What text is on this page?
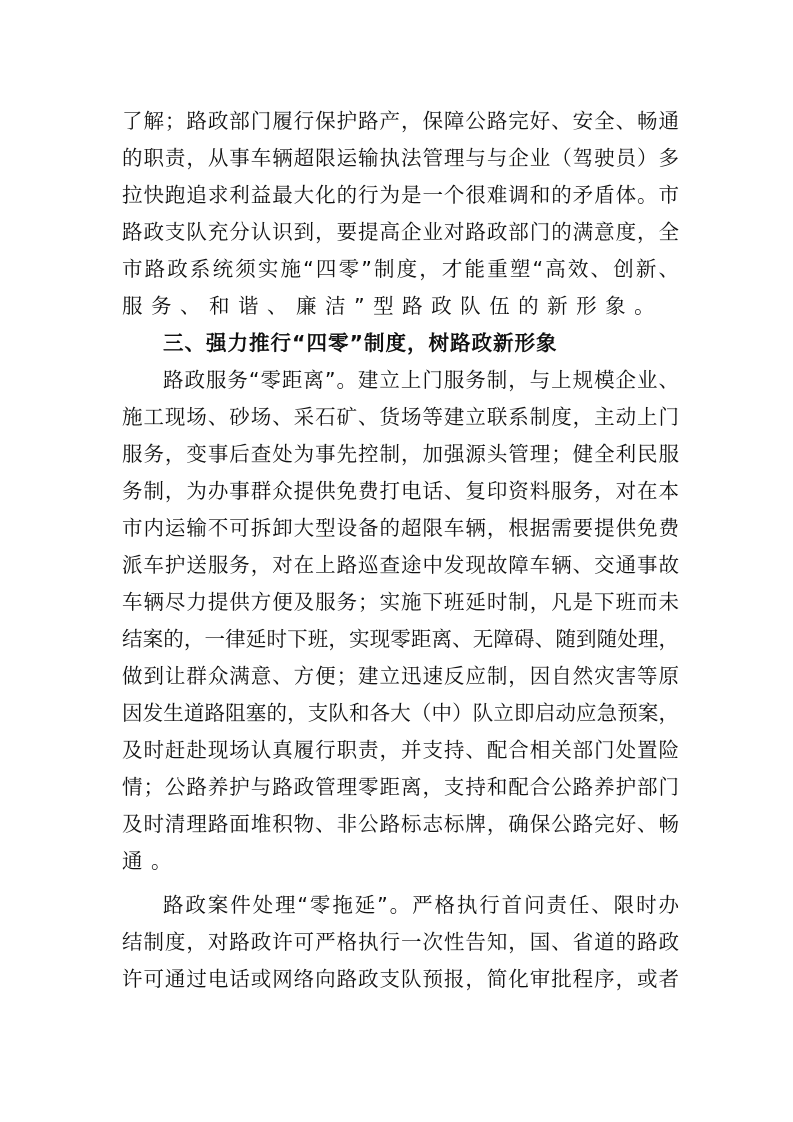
了解；路政部门履行保护路产，保障公路完好、安全、畅通
的职责，从事车辆超限运输执法管理与与企业（驾驶员）多
拉快跑追求利益最大化的行为是一个很难调和的矛盾体。市
路政支队充分认识到，要提高企业对路政部门的满意度，全
市路政系统须实施“四零”制度，才能重塑“高效、创新、
服务、和谐、廉洁”型路政队伍的新形象。
三、强力推行“四零”制度，树路政新形象
路政服务“零距离”。建立上门服务制，与上规模企业、
施工现场、砂场、采石矿、货场等建立联系制度，主动上门
服务，变事后查处为事先控制，加强源头管理；健全利民服
务制，为办事群众提供免费打电话、复印资料服务，对在本
市内运输不可拆卸大型设备的超限车辆，根据需要提供免费
派车护送服务，对在上路巡查途中发现故障车辆、交通事故
车辆尽力提供方便及服务；实施下班延时制，凡是下班而未
结案的，一律延时下班，实现零距离、无障碍、随到随处理，
做到让群众满意、方便；建立迅速反应制，因自然灾害等原
因发生道路阻塞的，支队和各大（中）队立即启动应急预案，
及时赶赴现场认真履行职责，并支持、配合相关部门处置险
情；公路养护与路政管理零距离，支持和配合公路养护部门
及时清理路面堆积物、非公路标志标牌，确保公路完好、畅
通。
路政案件处理“零拖延”。严格执行首问责任、限时办
结制度，对路政许可严格执行一次性告知，国、省道的路政
许可通过电话或网络向路政支队预报，简化审批程序，或者
